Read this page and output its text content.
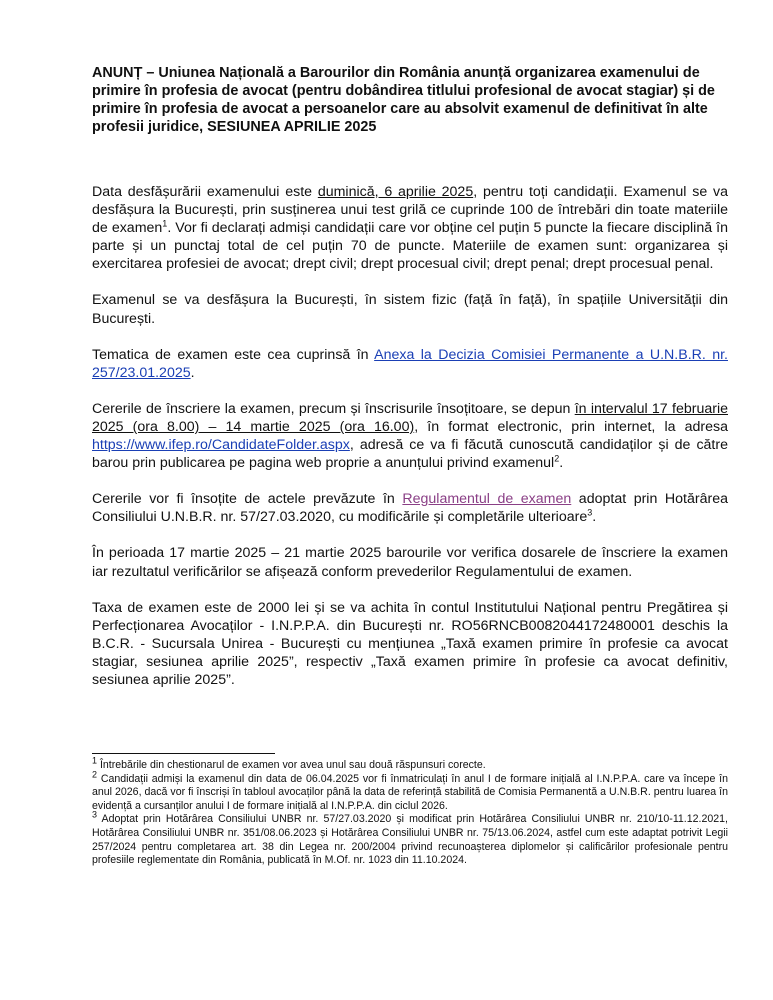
ANUNȚ – Uniunea Națională a Barourilor din România anunță organizarea examenului de primire în profesia de avocat (pentru dobândirea titlului profesional de avocat stagiar) și de primire în profesia de avocat a persoanelor care au absolvit examenul de definitivat în alte profesii juridice, SESIUNEA APRILIE 2025

Data desfășurării examenului este duminică, 6 aprilie 2025, pentru toți candidații. Examenul se va desfășura la București, prin susținerea unui test grilă ce cuprinde 100 de întrebări din toate materiile de examen$^1$. Vor fi declarați admiși candidații care vor obține cel puțin 5 puncte la fiecare disciplină în parte și un punctaj total de cel puțin 70 de puncte. Materiile de examen sunt: organizarea și exercitarea profesiei de avocat; drept civil; drept procesual civil; drept penal; drept procesual penal.

Examenul se va desfășura la București, în sistem fizic (față în față), în spațiile Universității din București.

Tematica de examen este cea cuprinsă în Anexa la Decizia Comisiei Permanente a U.N.B.R. nr. 257/23.01.2025.

Cererile de înscriere la examen, precum și înscrisurile însoțitoare, se depun în intervalul 17 februarie 2025 (ora 8.00) – 14 martie 2025 (ora 16.00), în format electronic, prin internet, la adresa https://www.ifep.ro/CandidateFolder.aspx, adresă ce va fi făcută cunoscută candidaților și de către barou prin publicarea pe pagina web proprie a anunțului privind examenul$^2$.

Cererile vor fi însoțite de actele prevăzute în Regulamentul de examen adoptat prin Hotărârea Consiliului U.N.B.R. nr. 57/27.03.2020, cu modificările și completările ulterioare$^3$.

În perioada 17 martie 2025 – 21 martie 2025 barourile vor verifica dosarele de înscriere la examen iar rezultatul verificărilor se afișează conform prevederilor Regulamentului de examen.

Taxa de examen este de 2000 lei și se va achita în contul Institutului Național pentru Pregătirea și Perfecționarea Avocaților - I.N.P.P.A. din București nr. RO56RNCB0082044172480001 deschis la B.C.R. - Sucursala Unirea - București cu mențiunea „Taxă examen primire în profesie ca avocat stagiar, sesiunea aprilie 2025”, respectiv „Taxă examen primire în profesie ca avocat definitiv, sesiunea aprilie 2025”.

$^1$ Întrebările din chestionarul de examen vor avea unul sau două răspunsuri corecte.

$^2$ Candidații admiși la examenul din data de 06.04.2025 vor fi înmatriculați în anul I de formare inițială al I.N.P.P.A. care va începe în anul 2026, dacă vor fi înscriși în tabloul avocaților până la data de referință stabilită de Comisia Permanentă a U.N.B.R. pentru luarea în evidență a cursanților anului I de formare inițială al I.N.P.P.A. din ciclul 2026.

$^3$ Adoptat prin Hotărârea Consiliului UNBR nr. 57/27.03.2020 și modificat prin Hotărârea Consiliului UNBR nr. 210/10-11.12.2021, Hotărârea Consiliului UNBR nr. 351/08.06.2023 și Hotărârea Consiliului UNBR nr. 75/13.06.2024, astfel cum este adaptat potrivit Legii 257/2024 pentru completarea art. 38 din Legea nr. 200/2004 privind recunoașterea diplomelor și calificărilor profesionale pentru profesiile reglementate din România, publicată în M.Of. nr. 1023 din 11.10.2024.
